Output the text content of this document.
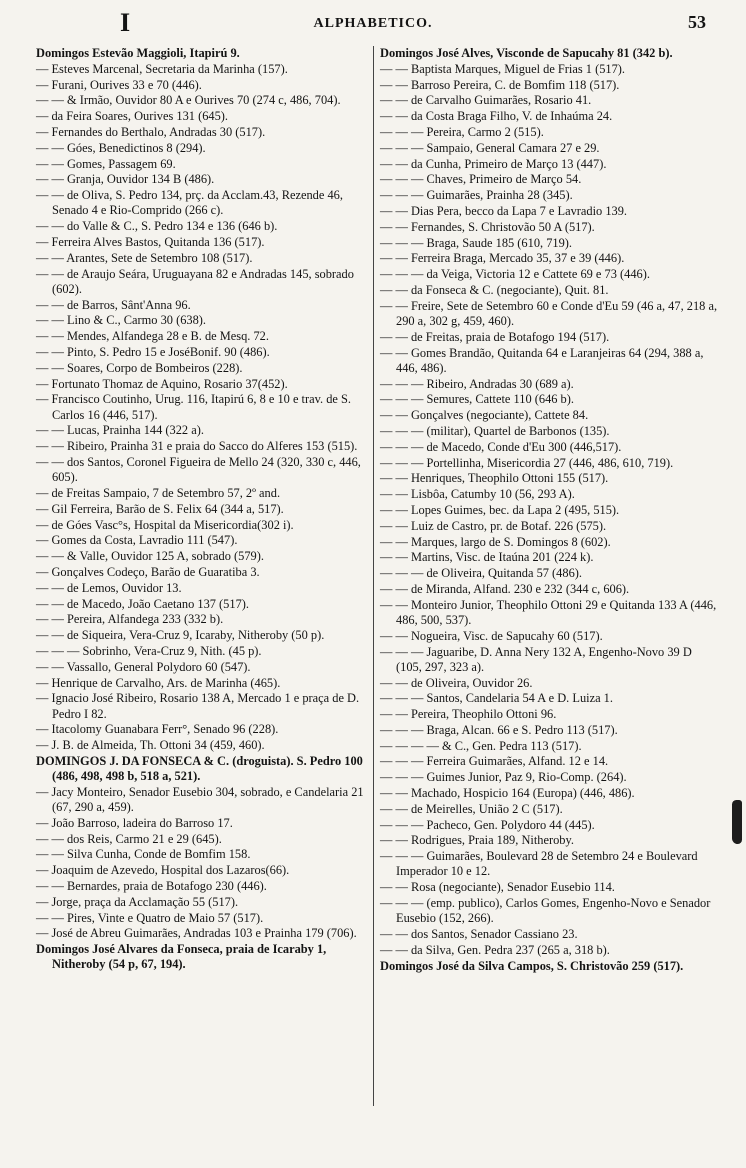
I	ALPHABETICO.	53
Domingos Estevão Maggioli, Itapirú 9.
— Esteves Marcenal, Secretaria da Marinha (157).
— Furani, Ourives 33 e 70 (446).
— — & Irmão, Ouvidor 80 A e Ourives 70 (274 c, 486, 704).
— da Feira Soares, Ourives 131 (645).
— Fernandes do Berthalo, Andradas 30 (517).
— — Góes, Benedictinos 8 (294).
— — Gomes, Passagem 69.
— — Granja, Ouvidor 134 B (486).
— — de Oliva, S. Pedro 134, prç. da Acclam.43, Rezende 46, Senado 4 e Rio-Comprido (266 c).
— — do Valle & C., S. Pedro 134 e 136 (646 b).
— Ferreira Alves Bastos, Quitanda 136 (517).
— — Arantes, Sete de Setembro 108 (517).
— — de Araujo Seára, Uruguayana 82 e Andradas 145, sobrado (602).
— — de Barros, Sânt'Anna 96.
— — Lino & C., Carmo 30 (638).
— — Mendes, Alfandega 28 e B. de Mesq. 72.
— — Pinto, S. Pedro 15 e JoséBonif. 90 (486).
— — Soares, Corpo de Bombeiros (228).
— Fortunato Thomaz de Aquino, Rosario 37(452).
— Francisco Coutinho, Urug. 116, Itapirú 6, 8 e 10 e trav. de S. Carlos 16 (446, 517).
— — Lucas, Prainha 144 (322 a).
— — Ribeiro, Prainha 31 e praia do Sacco do Alferes 153 (515).
— — dos Santos, Coronel Figueira de Mello 24 (320, 330 c, 446, 605).
— de Freitas Sampaio, 7 de Setembro 57, 2º and.
— Gil Ferreira, Barão de S. Felix 64 (344 a, 517).
— de Góes Vasc°s, Hospital da Misericordia(302 i).
— Gomes da Costa, Lavradio 111 (547).
— — & Valle, Ouvidor 125 A, sobrado (579).
— Gonçalves Codeço, Barão de Guaratiba 3.
— — de Lemos, Ouvidor 13.
— — de Macedo, João Caetano 137 (517).
— — Pereira, Alfandega 233 (332 b).
— — de Siqueira, Vera-Cruz 9, Icaraby, Nitheroby (50 p).
— — — Sobrinho, Vera-Cruz 9, Nith. (45 p).
— — Vassallo, General Polydoro 60 (547).
— Henrique de Carvalho, Ars. de Marinha (465).
— Ignacio José Ribeiro, Rosario 138 A, Mercado 1 e praça de D. Pedro I 82.
— Itacolomy Guanabara Ferr°, Senado 96 (228).
— J. B. de Almeida, Th. Ottoni 34 (459, 460).
DOMINGOS J. DA FONSECA & C. (droguista). S. Pedro 100 (486, 498, 498 b, 518 a, 521).
— Jacy Monteiro, Senador Eusebio 304, sobrado, e Candelaria 21 (67, 290 a, 459).
— João Barroso, ladeira do Barroso 17.
— — dos Reis, Carmo 21 e 29 (645).
— — Silva Cunha, Conde de Bomfim 158.
— Joaquim de Azevedo, Hospital dos Lazaros(66).
— — Bernardes, praia de Botafogo 230 (446).
— Jorge, praça da Acclamação 55 (517).
— — Pires, Vinte e Quatro de Maio 57 (517).
— José de Abreu Guimarães, Andradas 103 e Prainha 179 (706).
Domingos José Alvares da Fonseca, praia de Icaraby 1, Nitheroby (54 p, 67, 194).
Domingos José Alves, Visconde de Sapucahy 81 (342 b).
— — Baptista Marques, Miguel de Frias 1 (517).
— — Barroso Pereira, C. de Bomfim 118 (517).
— — de Carvalho Guimarães, Rosario 41.
— — da Costa Braga Filho, V. de Inhaúma 24.
— — — Pereira, Carmo 2 (515).
— — — Sampaio, General Camara 27 e 29.
— — da Cunha, Primeiro de Março 13 (447).
— — — Chaves, Primeiro de Março 54.
— — — Guimarães, Prainha 28 (345).
— — Dias Pera, becco da Lapa 7 e Lavradio 139.
— — Fernandes, S. Christovão 50 A (517).
— — — Braga, Saude 185 (610, 719).
— — Ferreira Braga, Mercado 35, 37 e 39 (446).
— — — da Veiga, Victoria 12 e Cattete 69 e 73 (446).
— — da Fonseca & C. (negociante), Quit. 81.
— — Freire, Sete de Setembro 60 e Conde d'Eu 59 (46 a, 47, 218 a, 290 a, 302 g, 459, 460).
— — de Freitas, praia de Botafogo 194 (517).
— — Gomes Brandão, Quitanda 64 e Laranjeiras 64 (294, 388 a, 446, 486).
— — — Ribeiro, Andradas 30 (689 a).
— — — Semures, Cattete 110 (646 b).
— — Gonçalves (negociante), Cattete 84.
— — — (militar), Quartel de Barbonos (135).
— — — de Macedo, Conde d'Eu 300 (446,517).
— — — Portellinha, Misericordia 27 (446, 486, 610, 719).
— — Henriques, Theophilo Ottoni 155 (517).
— — Lisbôa, Catumby 10 (56, 293 A).
— — Lopes Guimes, bec. da Lapa 2 (495, 515).
— — Luiz de Castro, pr. de Botaf. 226 (575).
— — Marques, largo de S. Domingos 8 (602).
— — Martins, Visc. de Itaúna 201 (224 k).
— — — de Oliveira, Quitanda 57 (486).
— — de Miranda, Alfand. 230 e 232 (344 c, 606).
— — Monteiro Junior, Theophilo Ottoni 29 e Quitanda 133 A (446, 486, 500, 537).
— — Nogueira, Visc. de Sapucahy 60 (517).
— — — Jaguaribe, D. Anna Nery 132 A, Engenho-Novo 39 D (105, 297, 323 a).
— — de Oliveira, Ouvidor 26.
— — — Santos, Candelaria 54 A e D. Luiza 1.
— — Pereira, Theophilo Ottoni 96.
— — — Braga, Alcan. 66 e S. Pedro 113 (517).
— — — — & C., Gen. Pedra 113 (517).
— — — Ferreira Guimarães, Alfand. 12 e 14.
— — — Guimes Junior, Paz 9, Rio-Comp. (264).
— — Machado, Hospicio 164 (Europa) (446, 486).
— — de Meirelles, União 2 C (517).
— — — Pacheco, Gen. Polydoro 44 (445).
— — Rodrigues, Praia 189, Nitheroby.
— — — Guimarães, Boulevard 28 de Setembro 24 e Boulevard Imperador 10 e 12.
— — Rosa (negociante), Senador Eusebio 114.
— — — (emp. publico), Carlos Gomes, Engenho-Novo e Senador Eusebio (152, 266).
— — dos Santos, Senador Cassiano 23.
— — da Silva, Gen. Pedra 237 (265 a, 318 b).
Domingos José da Silva Campos, S. Christovão 259 (517).
